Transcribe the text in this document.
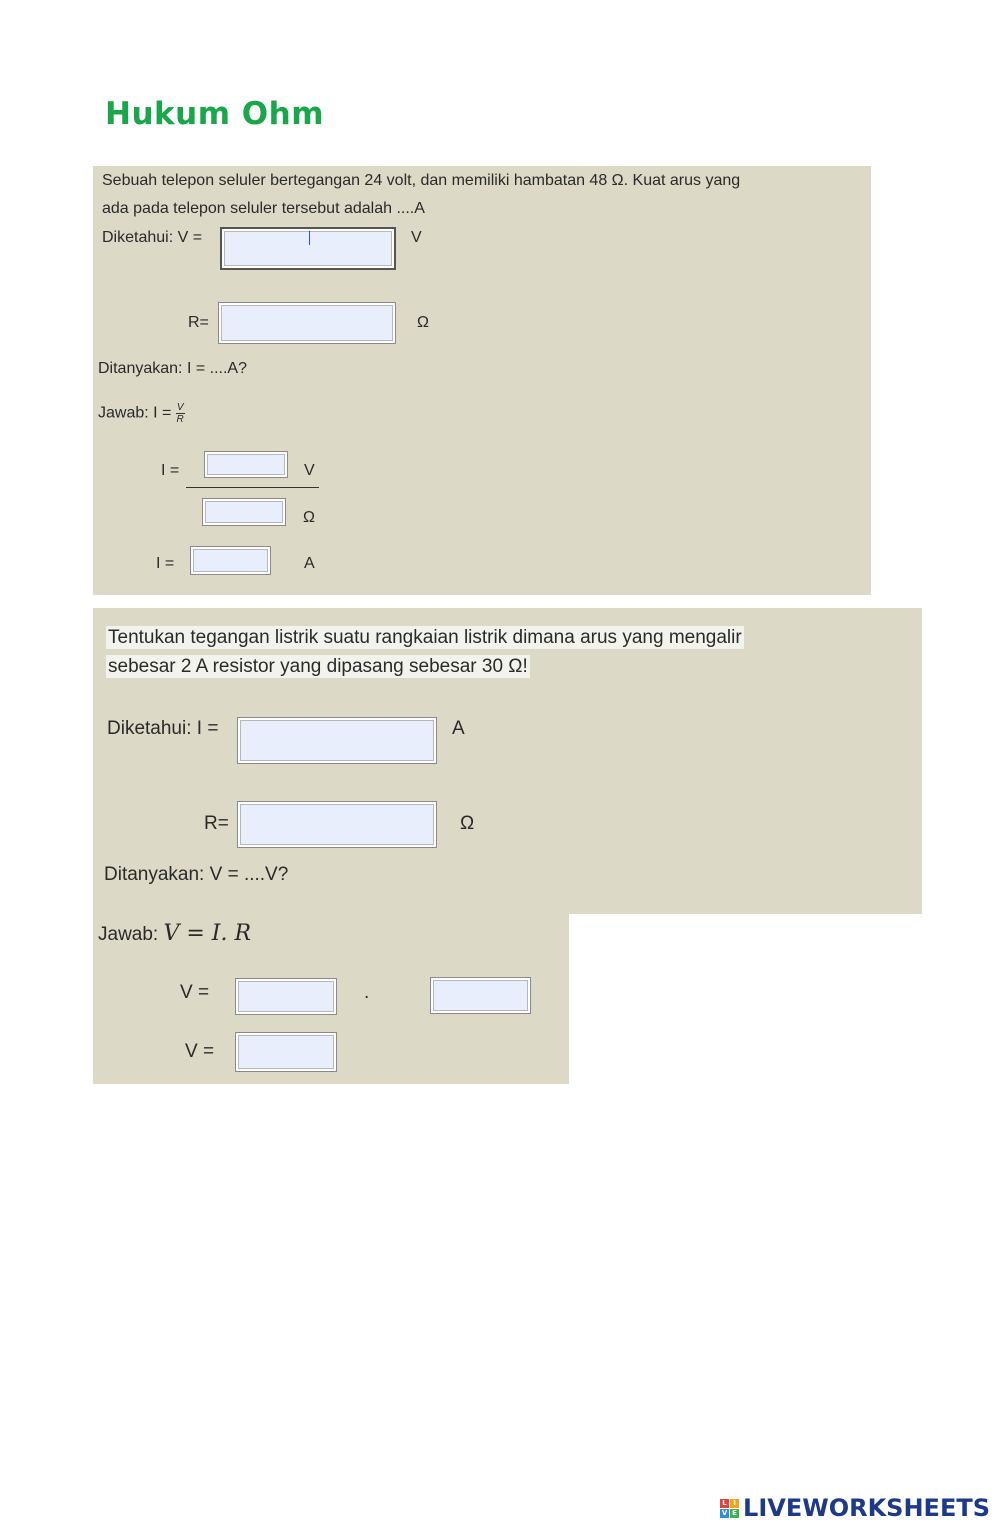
Hukum Ohm
Sebuah telepon seluler bertegangan 24 volt, dan memiliki hambatan 48 Ω. Kuat arus yang
ada pada telepon seluler tersebut adalah ....A
Diketahui: V =	V
R=	Ω
Ditanyakan: I = ....A?
Jawab: $I = \frac{V}{R}$
I =	V
Ω
I =	A
Tentukan tegangan listrik suatu rangkaian listrik dimana arus yang mengalir
sebesar 2 A resistor yang dipasang sebesar 30 Ω!
Diketahui: I =	A
R=	Ω
Ditanyakan: V = ....V?
Jawab: V = I. R
V =	.
V =
L I
V E LIVEWORKSHEETS
